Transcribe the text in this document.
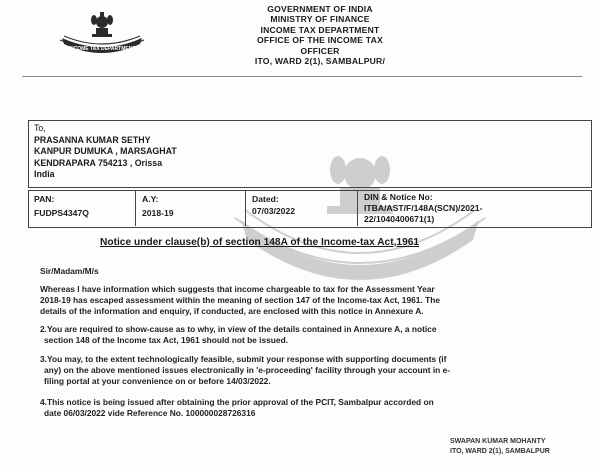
INCOME TAX DEPARTMENT
GOVERNMENT OF INDIA
MINISTRY OF FINANCE
INCOME TAX DEPARTMENT
OFFICE OF THE INCOME TAX
OFFICER
ITO, WARD 2(1), SAMBALPUR/
To,
PRASANNA KUMAR SETHY
KANPUR DUMUKA , MARSAGHAT
KENDRAPARA 754213 , Orissa
India
PAN:
FUDPS4347Q
A.Y:
2018-19
Dated:
07/03/2022
DIN & Notice No:
ITBA/AST/F/148A(SCN)/2021-
22/1040400671(1)
Notice under clause(b) of section 148A of the Income-tax Act,1961
Sir/Madam/M/s
Whereas I have information which suggests that income chargeable to tax for the Assessment Year
2018-19 has escaped assessment within the meaning of section 147 of the Income-tax Act, 1961. The
details of the information and enquiry, if conducted, are enclosed with this notice in Annexure A.
2.You are required to show-cause as to why, in view of the details contained in Annexure A, a notice
section 148 of the Income tax Act, 1961 should not be issued.
3.You may, to the extent technologically feasible, submit your response with supporting documents (if
any) on the above mentioned issues electronically in 'e-proceeding' facility through your account in e-
filing portal at your convenience on or before 14/03/2022.
4.This notice is being issued after obtaining the prior approval of the PCIT, Sambalpur accorded on
date 06/03/2022 vide Reference No. 100000028726316
SWAPAN KUMAR MOHANTY
ITO, WARD 2(1), SAMBALPUR
